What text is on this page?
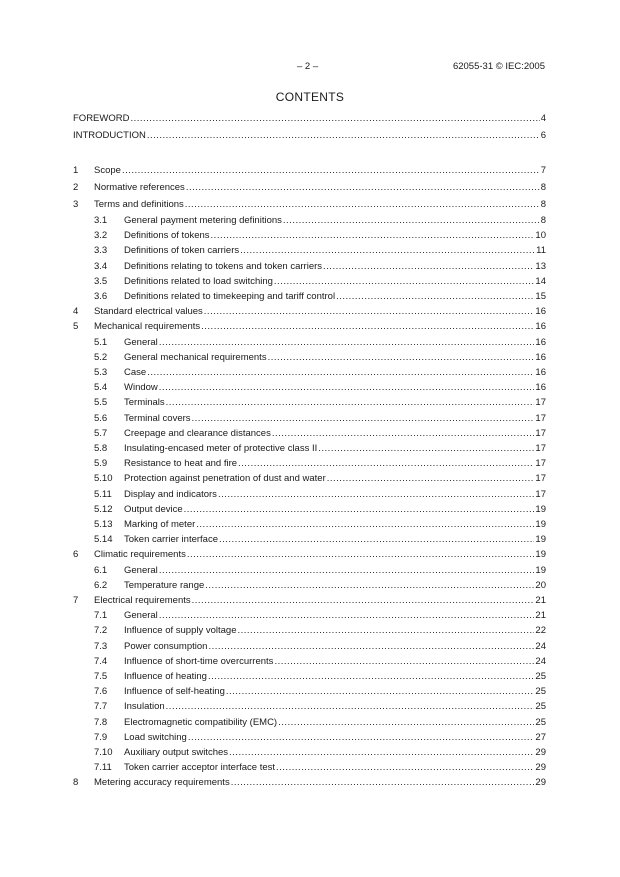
– 2 –	62055-31 © IEC:2005
CONTENTS
FOREWORD .....	4
INTRODUCTION .....	6
1	Scope .....	7
2	Normative references .....	8
3	Terms and definitions .....	8
3.1	General payment metering definitions .....	8
3.2	Definitions of tokens .....	10
3.3	Definitions of token carriers .....	11
3.4	Definitions relating to tokens and token carriers .....	13
3.5	Definitions related to load switching .....	14
3.6	Definitions related to timekeeping and tariff control .....	15
4	Standard electrical values .....	16
5	Mechanical requirements .....	16
5.1	General .....	16
5.2	General mechanical requirements .....	16
5.3	Case .....	16
5.4	Window .....	16
5.5	Terminals .....	17
5.6	Terminal covers .....	17
5.7	Creepage and clearance distances .....	17
5.8	Insulating-encased meter of protective class II .....	17
5.9	Resistance to heat and fire .....	17
5.10	Protection against penetration of dust and water .....	17
5.11	Display and indicators .....	17
5.12	Output device .....	19
5.13	Marking of meter .....	19
5.14	Token carrier interface .....	19
6	Climatic requirements .....	19
6.1	General .....	19
6.2	Temperature range .....	20
7	Electrical requirements .....	21
7.1	General .....	21
7.2	Influence of supply voltage .....	22
7.3	Power consumption .....	24
7.4	Influence of short-time overcurrents .....	24
7.5	Influence of heating .....	25
7.6	Influence of self-heating .....	25
7.7	Insulation .....	25
7.8	Electromagnetic compatibility (EMC) .....	25
7.9	Load switching .....	27
7.10	Auxiliary output switches .....	29
7.11	Token carrier acceptor interface test .....	29
8	Metering accuracy requirements .....	29
